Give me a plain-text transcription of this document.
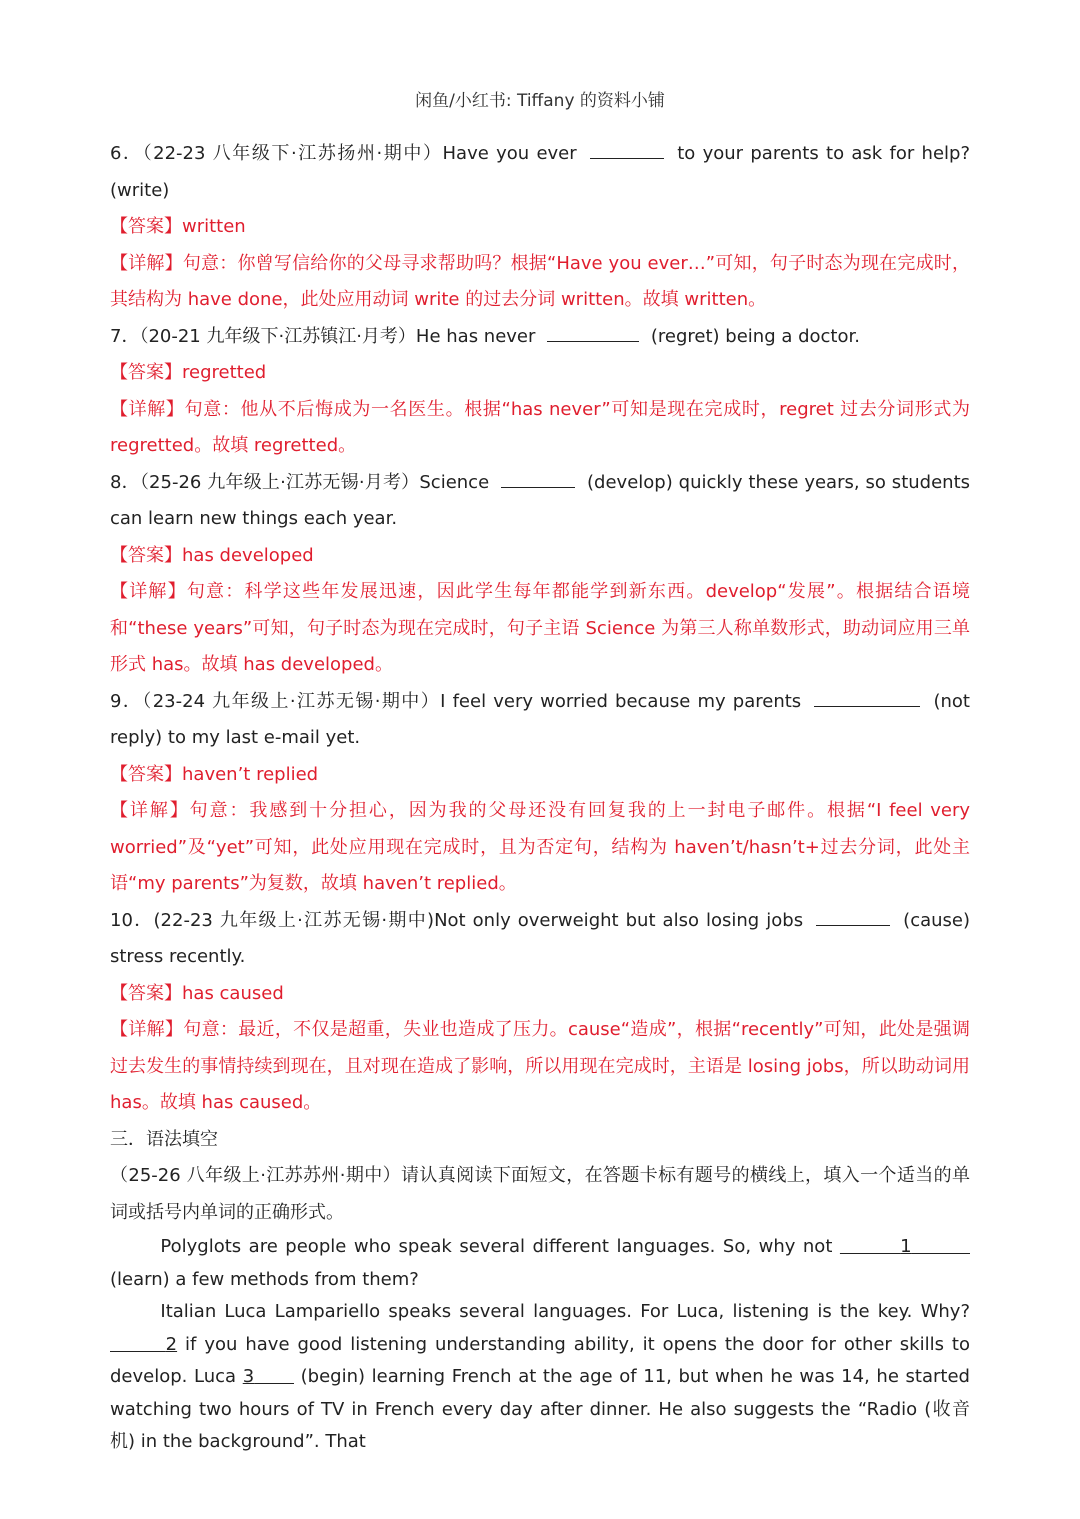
闲鱼/小红书: Tiffany 的资料小铺

6．（22-23 八年级下·江苏扬州·期中）Have you ever	to your parents to ask for help? (write)

【答案】written

【详解】句意：你曾写信给你的父母寻求帮助吗？根据“Have you ever…”可知，句子时态为现在完成时，其结构为 have done，此处应用动词 write 的过去分词 written。故填 written。

7．（20-21 九年级下·江苏镇江·月考）He has never	(regret) being a doctor.

【答案】regretted

【详解】句意：他从不后悔成为一名医生。根据“has never”可知是现在完成时，regret 过去分词形式为 regretted。故填 regretted。

8．（25-26 九年级上·江苏无锡·月考）Science	(develop) quickly these years, so students can learn new things each year.

【答案】has developed

【详解】句意：科学这些年发展迅速，因此学生每年都能学到新东西。develop“发展”。根据结合语境和“these years”可知，句子时态为现在完成时，句子主语 Science 为第三人称单数形式，助动词应用三单形式 has。故填 has developed。

9．（23-24 九年级上·江苏无锡·期中）I feel very worried because my parents	(not reply) to my last e-mail yet.

【答案】haven’t replied

【详解】句意：我感到十分担心，因为我的父母还没有回复我的上一封电子邮件。根据“I feel very worried”及“yet”可知，此处应用现在完成时，且为否定句，结构为 haven’t/hasn’t+过去分词，此处主语“my parents”为复数，故填 haven’t replied。

10．(22-23 九年级上·江苏无锡·期中)Not only overweight but also losing jobs	(cause) stress recently.

【答案】has caused

【详解】句意：最近，不仅是超重，失业也造成了压力。cause“造成”，根据“recently”可知，此处是强调过去发生的事情持续到现在，且对现在造成了影响，所以用现在完成时，主语是 losing jobs，所以助动词用 has。故填 has caused。

三．语法填空

（25-26 八年级上·江苏苏州·期中）请认真阅读下面短文，在答题卡标有题号的横线上，填入一个适当的单词或括号内单词的正确形式。

Polyglots are people who speak several different languages. So, why not	1         (learn) a few methods from them?

Italian Luca Lampariello speaks several languages. For Luca, listening is the key. Why?        2 if you have good listening understanding ability, it opens the door for other skills to develop. Luca 3	(begin) learning French at the age of 11, but when he was 14, he started watching two hours of TV in French every day after dinner. He also suggests the “Radio (收音机) in the background”. That
